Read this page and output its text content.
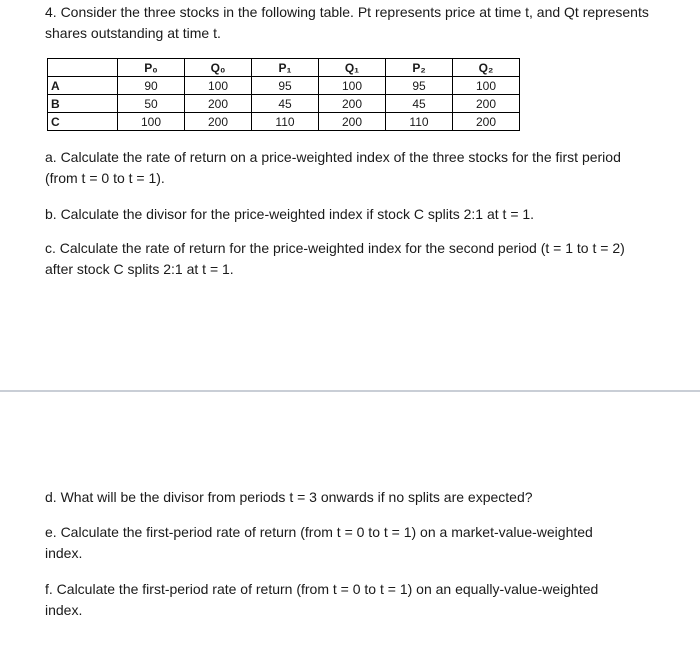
4. Consider the three stocks in the following table. Pt represents price at time t, and Qt represents
shares outstanding at time t.
	P₀	Q₀	P₁	Q₁	P₂	Q₂
A	90	100	95	100	95	100
B	50	200	45	200	45	200
C	100	200	110	200	110	200
a. Calculate the rate of return on a price-weighted index of the three stocks for the first period
(from t = 0 to t = 1).
b. Calculate the divisor for the price-weighted index if stock C splits 2:1 at t = 1.
c. Calculate the rate of return for the price-weighted index for the second period (t = 1 to t = 2)
after stock C splits 2:1 at t = 1.
d. What will be the divisor from periods t = 3 onwards if no splits are expected?
e. Calculate the first-period rate of return (from t = 0 to t = 1) on a market-value-weighted
index.
f. Calculate the first-period rate of return (from t = 0 to t = 1) on an equally-value-weighted
index.
